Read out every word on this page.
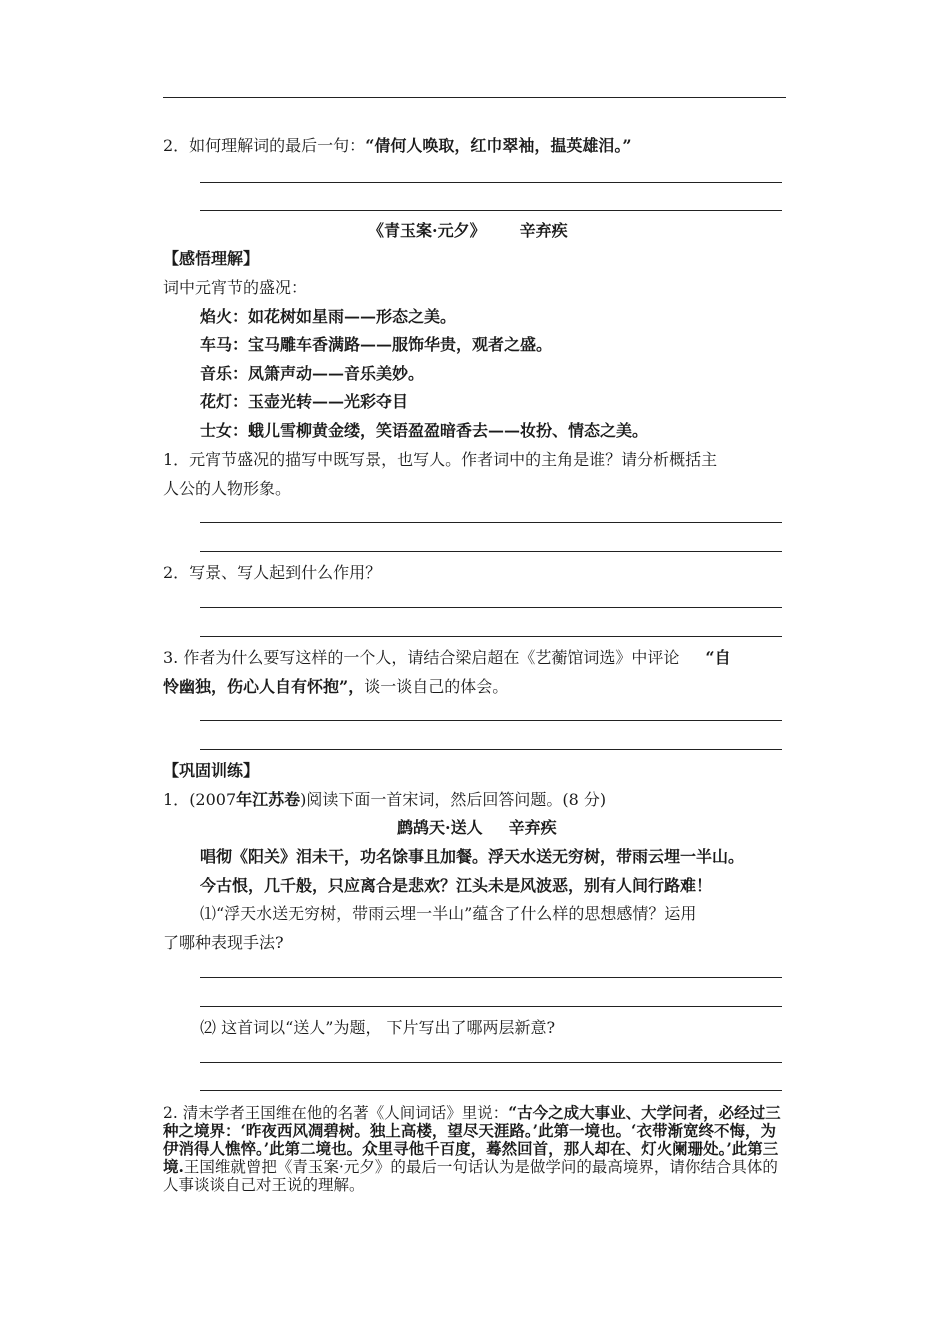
2．如何理解词的最后一句：“倩何人唤取，红巾翠袖，揾英雄泪。”
《青玉案·元夕》 辛弃疾
【感悟理解】
词中元宵节的盛况：
焰火：如花树如星雨——形态之美。
车马：宝马雕车香满路——服饰华贵，观者之盛。
音乐：凤箫声动——音乐美妙。
花灯：玉壶光转——光彩夺目
士女：蛾儿雪柳黄金缕，笑语盈盈暗香去——妆扮、情态之美。
1．元宵节盛况的描写中既写景，也写人。作者词中的主角是谁？请分析概括主
人公的人物形象。
2．写景、写人起到什么作用？
3. 作者为什么要写这样的一个人，请结合梁启超在《艺蘅馆词选》中评论 “自
怜幽独，伤心人自有怀抱”，谈一谈自己的体会。
【巩固训练】
1．(2007年江苏卷)阅读下面一首宋词，然后回答问题。(8 分)
鹧鸪天·送人 辛弃疾
唱彻《阳关》泪未干，功名馀事且加餐。浮天水送无穷树，带雨云埋一半山。
今古恨，几千般，只应离合是悲欢？江头未是风波恶，别有人间行路难！
⑴“浮天水送无穷树，带雨云埋一半山”蕴含了什么样的思想感情？运用
了哪种表现手法?
⑵ 这首词以“送人”为题， 下片写出了哪两层新意?
2. 清末学者王国维在他的名著《人间词话》里说：“古今之成大事业、大学问者，必经过三种之境界：‘昨夜西风凋碧树。独上高楼，望尽天涯路。’此第一境也。‘衣带渐宽终不悔，为伊消得人憔悴。’此第二境也。众里寻他千百度，蓦然回首，那人却在、灯火阑珊处。’此第三境.王国维就曾把《青玉案·元夕》的最后一句话认为是做学问的最高境界，请你结合具体的人事谈谈自己对王说的理解。
